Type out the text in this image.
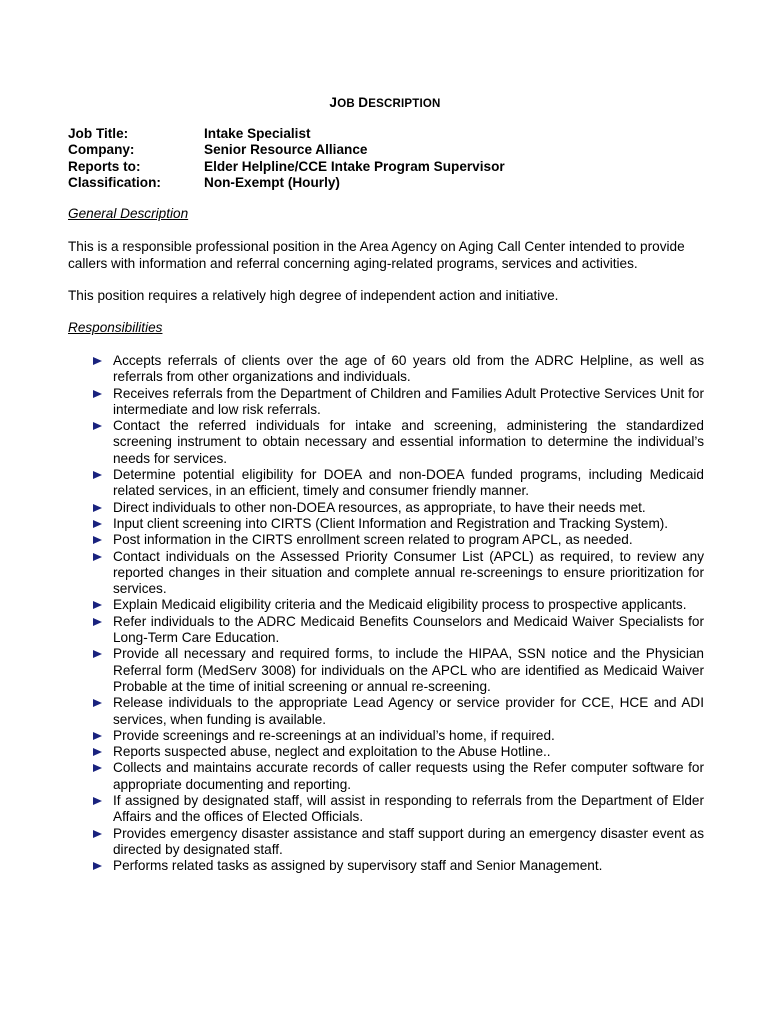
JOB DESCRIPTION
Job Title:	Intake Specialist
Company:	Senior Resource Alliance
Reports to:	Elder Helpline/CCE Intake Program Supervisor
Classification:	Non-Exempt (Hourly)
General Description
This is a responsible professional position in the Area Agency on Aging Call Center intended to provide callers with information and referral concerning aging-related programs, services and activities.
This position requires a relatively high degree of independent action and initiative.
Responsibilities
Accepts referrals of clients over the age of 60 years old from the ADRC Helpline, as well as referrals from other organizations and individuals.
Receives referrals from the Department of Children and Families Adult Protective Services Unit for intermediate and low risk referrals.
Contact the referred individuals for intake and screening, administering the standardized screening instrument to obtain necessary and essential information to determine the individual’s needs for services.
Determine potential eligibility for DOEA and non-DOEA funded programs, including Medicaid related services, in an efficient, timely and consumer friendly manner.
Direct individuals to other non-DOEA resources, as appropriate, to have their needs met.
Input client screening into CIRTS (Client Information and Registration and Tracking System).
Post information in the CIRTS enrollment screen related to program APCL, as needed.
Contact individuals on the Assessed Priority Consumer List (APCL) as required, to review any reported changes in their situation and complete annual re-screenings to ensure prioritization for services.
Explain Medicaid eligibility criteria and the Medicaid eligibility process to prospective applicants.
Refer individuals to the ADRC Medicaid Benefits Counselors and Medicaid Waiver Specialists for Long-Term Care Education.
Provide all necessary and required forms, to include the HIPAA, SSN notice and the Physician Referral form (MedServ 3008) for individuals on the APCL who are identified as Medicaid Waiver Probable at the time of initial screening or annual re-screening.
Release individuals to the appropriate Lead Agency or service provider for CCE, HCE and ADI services, when funding is available.
Provide screenings and re-screenings at an individual’s home, if required.
Reports suspected abuse, neglect and exploitation to the Abuse Hotline..
Collects and maintains accurate records of caller requests using the Refer computer software for appropriate documenting and reporting.
If assigned by designated staff, will assist in responding to referrals from the Department of Elder Affairs and the offices of Elected Officials.
Provides emergency disaster assistance and staff support during an emergency disaster event as directed by designated staff.
Performs related tasks as assigned by supervisory staff and Senior Management.
